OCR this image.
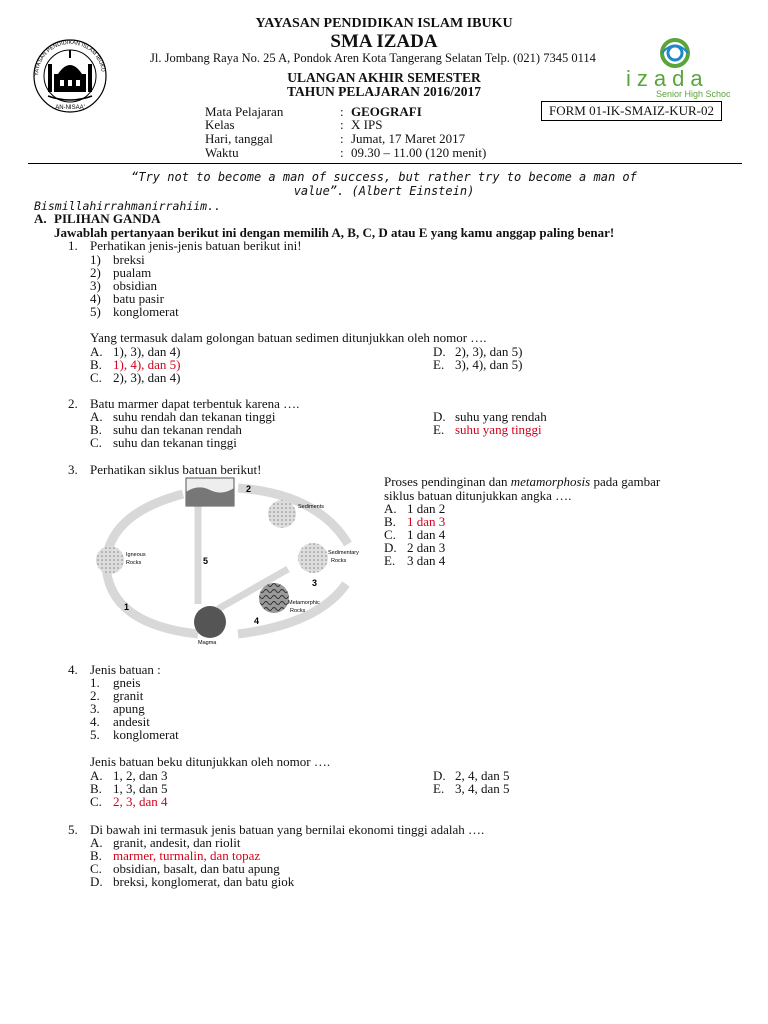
YAYASAN PENDIDIKAN ISLAM IBUKU
SMA IZADA
Jl. Jombang Raya No. 25 A, Pondok Aren Kota Tangerang Selatan Telp. (021) 7345 0114
ULANGAN AKHIR SEMESTER
TAHUN PELAJARAN 2016/2017
YAYASAN PENDIDIKAN ISLAM IBUKU
AN-NISAA'
izada
Senior High School
Mata Pelajaran	: GEOGRAFI
Kelas	: X IPS
Hari, tanggal	: Jumat, 17 Maret 2017
Waktu	: 09.30 – 11.00 (120 menit)
FORM 01-IK-SMAIZ-KUR-02
“Try not to become a man of success, but rather try to become a man of
value”. (Albert Einstein)
Bismillahirrahmanirrahiim..
A. PILIHAN GANDA
Jawablah pertanyaan berikut ini dengan memilih A, B, C, D atau E yang kamu anggap paling benar!
1. Perhatikan jenis-jenis batuan berikut ini!
1) breksi
2) pualam
3) obsidian
4) batu pasir
5) konglomerat
Yang termasuk dalam golongan batuan sedimen ditunjukkan oleh nomor ….
A. 1), 3), dan 4)
B. 1), 4), dan 5)
C. 2), 3), dan 4)
D. 2), 3), dan 5)
E. 3), 4), dan 5)
2. Batu marmer dapat terbentuk karena ….
A. suhu rendah dan tekanan tinggi
B. suhu dan tekanan rendah
C. suhu dan tekanan tinggi
D. suhu yang rendah
E. suhu yang tinggi
3. Perhatikan siklus batuan berikut!
Proses pendinginan dan metamorphosis pada gambar
siklus batuan ditunjukkan angka ….
A. 1 dan 2
B. 1 dan 3
C. 1 dan 4
D. 2 dan 3
E. 3 dan 4
Sediments
Sedimentary
Rocks
Metamorphic
Rocks
Igneous
Rocks
Magma
2
3
4
5
1
4. Jenis batuan :
1. gneis
2. granit
3. apung
4. andesit
5. konglomerat
Jenis batuan beku ditunjukkan oleh nomor ….
A. 1, 2, dan 3
B. 1, 3, dan 5
C. 2, 3, dan 4
D. 2, 4, dan 5
E. 3, 4, dan 5
5. Di bawah ini termasuk jenis batuan yang bernilai ekonomi tinggi adalah ….
A. granit, andesit, dan riolit
B. marmer, turmalin, dan topaz
C. obsidian, basalt, dan batu apung
D. breksi, konglomerat, dan batu giok
